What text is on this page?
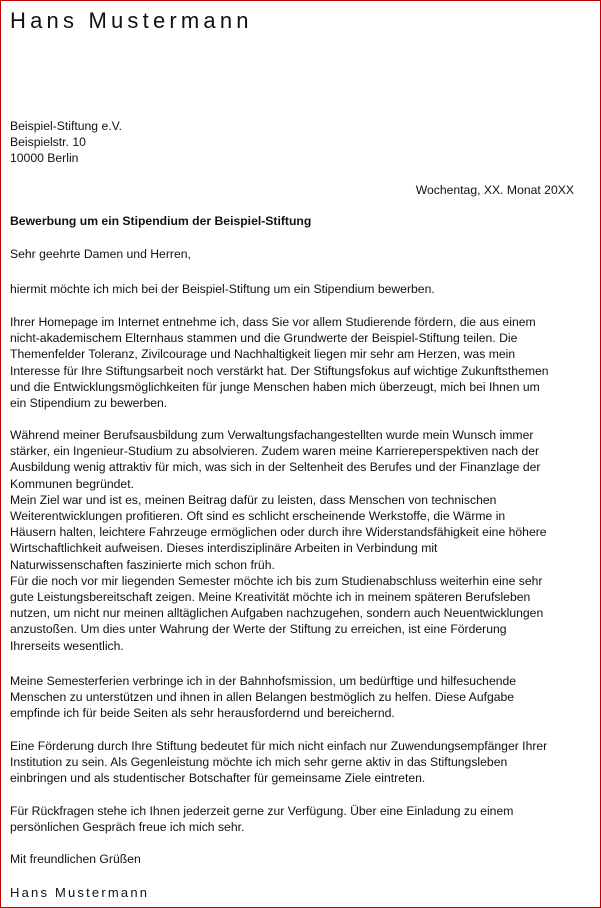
Hans Mustermann
Beispiel-Stiftung e.V.
Beispielstr. 10
10000 Berlin
Wochentag, XX. Monat 20XX
Bewerbung um ein Stipendium der Beispiel-Stiftung
Sehr geehrte Damen und Herren,
hiermit möchte ich mich bei der Beispiel-Stiftung um ein Stipendium bewerben.
Ihrer Homepage im Internet entnehme ich, dass Sie vor allem Studierende fördern, die aus einem
nicht-akademischem Elternhaus stammen und die Grundwerte der Beispiel-Stiftung teilen. Die
Themenfelder Toleranz, Zivilcourage und Nachhaltigkeit liegen mir sehr am Herzen, was mein
Interesse für Ihre Stiftungsarbeit noch verstärkt hat. Der Stiftungsfokus auf wichtige Zukunftsthemen
und die Entwicklungsmöglichkeiten für junge Menschen haben mich überzeugt, mich bei Ihnen um
ein Stipendium zu bewerben.
Während meiner Berufsausbildung zum Verwaltungsfachangestellten wurde mein Wunsch immer
stärker, ein Ingenieur-Studium zu absolvieren. Zudem waren meine Karriereperspektiven nach der
Ausbildung wenig attraktiv für mich, was sich in der Seltenheit des Berufes und der Finanzlage der
Kommunen begründet.
Mein Ziel war und ist es, meinen Beitrag dafür zu leisten, dass Menschen von technischen
Weiterentwicklungen profitieren. Oft sind es schlicht erscheinende Werkstoffe, die Wärme in
Häusern halten, leichtere Fahrzeuge ermöglichen oder durch ihre Widerstandsfähigkeit eine höhere
Wirtschaftlichkeit aufweisen. Dieses interdisziplinäre Arbeiten in Verbindung mit
Naturwissenschaften faszinierte mich schon früh.
Für die noch vor mir liegenden Semester möchte ich bis zum Studienabschluss weiterhin eine sehr
gute Leistungsbereitschaft zeigen. Meine Kreativität möchte ich in meinem späteren Berufsleben
nutzen, um nicht nur meinen alltäglichen Aufgaben nachzugehen, sondern auch Neuentwicklungen
anzustoßen. Um dies unter Wahrung der Werte der Stiftung zu erreichen, ist eine Förderung
Ihrerseits wesentlich.
Meine Semesterferien verbringe ich in der Bahnhofsmission, um bedürftige und hilfesuchende
Menschen zu unterstützen und ihnen in allen Belangen bestmöglich zu helfen. Diese Aufgabe
empfinde ich für beide Seiten als sehr herausfordernd und bereichernd.
Eine Förderung durch Ihre Stiftung bedeutet für mich nicht einfach nur Zuwendungsempfänger Ihrer
Institution zu sein. Als Gegenleistung möchte ich mich sehr gerne aktiv in das Stiftungsleben
einbringen und als studentischer Botschafter für gemeinsame Ziele eintreten.
Für Rückfragen stehe ich Ihnen jederzeit gerne zur Verfügung. Über eine Einladung zu einem
persönlichen Gespräch freue ich mich sehr.
Mit freundlichen Grüßen
Hans Mustermann
